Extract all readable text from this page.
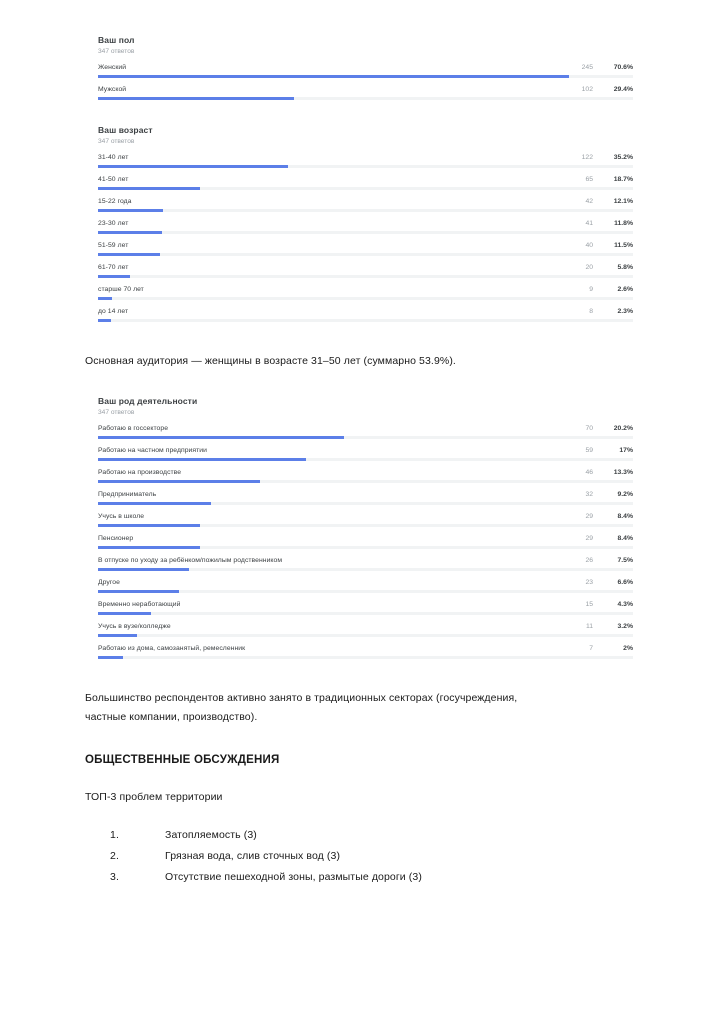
Ваш пол
347 ответов
Женский	245	70.6%
Мужской	102	29.4%
Ваш возраст
347 ответов
31-40 лет	122	35.2%
41-50 лет	65	18.7%
15-22 года	42	12.1%
23-30 лет	41	11.8%
51-59 лет	40	11.5%
61-70 лет	20	5.8%
старше 70 лет	9	2.6%
до 14 лет	8	2.3%

Основная аудитория — женщины в возрасте 31–50 лет (суммарно 53.9%).

Ваш род деятельности
347 ответов
Работаю в госсекторе	70	20.2%
Работаю на частном предприятии	59	17%
Работаю на производстве	46	13.3%
Предприниматель	32	9.2%
Учусь в школе	29	8.4%
Пенсионер	29	8.4%
В отпуске по уходу за ребёнком/пожилым родственником	26	7.5%
Другое	23	6.6%
Временно неработающий	15	4.3%
Учусь в вузе/колледже	11	3.2%
Работаю из дома, самозанятый, ремесленник	7	2%

Большинство респондентов активно занято в традиционных секторах (госучреждения,

частные компании, производство).

ОБЩЕСТВЕННЫЕ ОБСУЖДЕНИЯ

ТОП-3 проблем территории

1.	Затопляемость (3)
2.	Грязная вода, слив сточных вод (3)
3.	Отсутствие пешеходной зоны, размытые дороги (3)
